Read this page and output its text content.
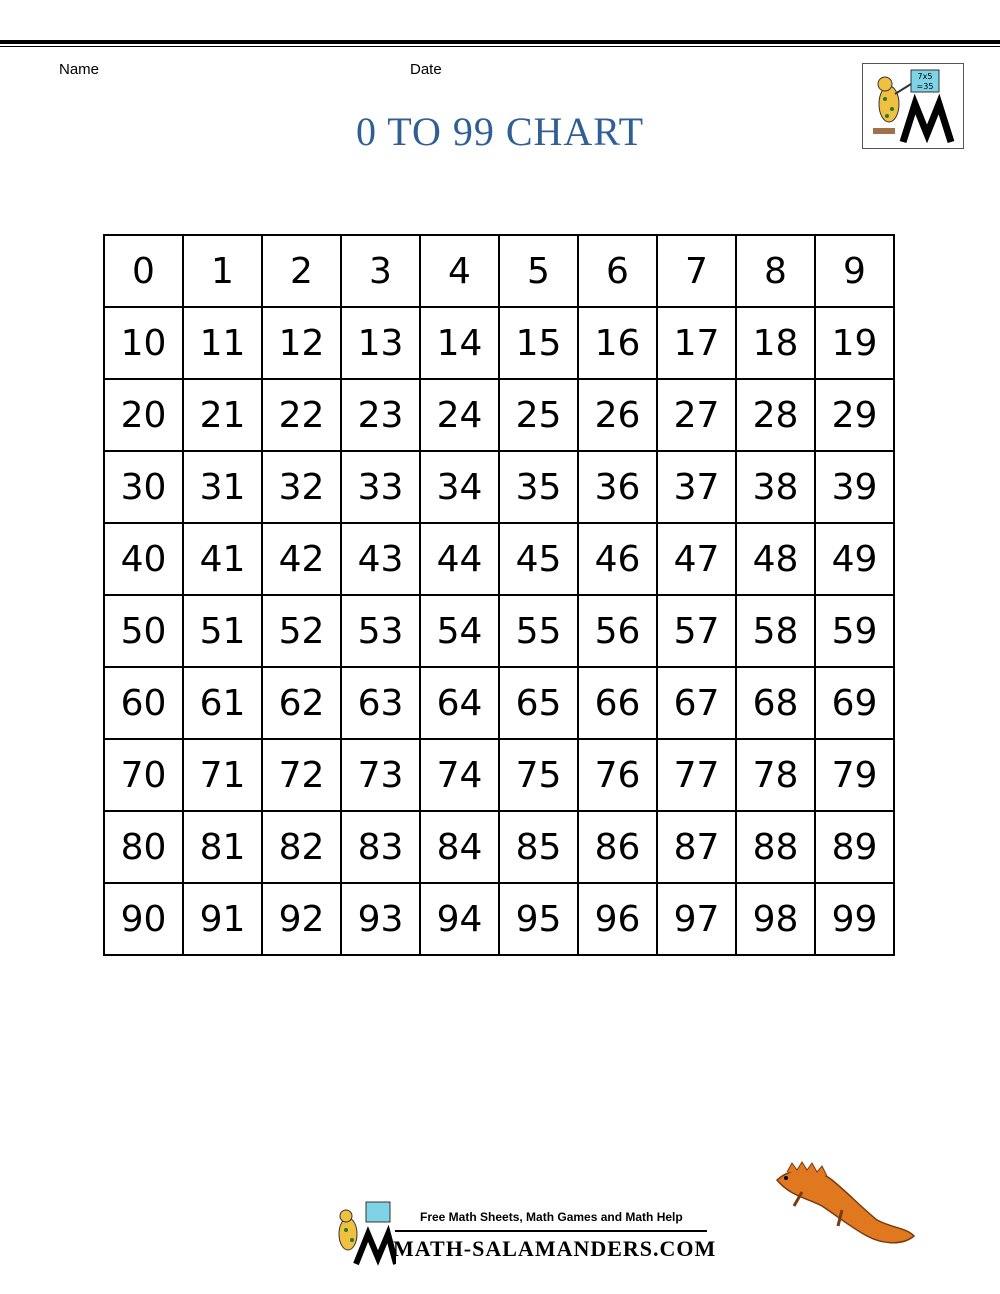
Name	Date
0 TO 99 CHART
7x5
=35
0	1	2	3	4	5	6	7	8	9
10	11	12	13	14	15	16	17	18	19
20	21	22	23	24	25	26	27	28	29
30	31	32	33	34	35	36	37	38	39
40	41	42	43	44	45	46	47	48	49
50	51	52	53	54	55	56	57	58	59
60	61	62	63	64	65	66	67	68	69
70	71	72	73	74	75	76	77	78	79
80	81	82	83	84	85	86	87	88	89
90	91	92	93	94	95	96	97	98	99
Free Math Sheets, Math Games and Math Help
MATH-SALAMANDERS.COM
